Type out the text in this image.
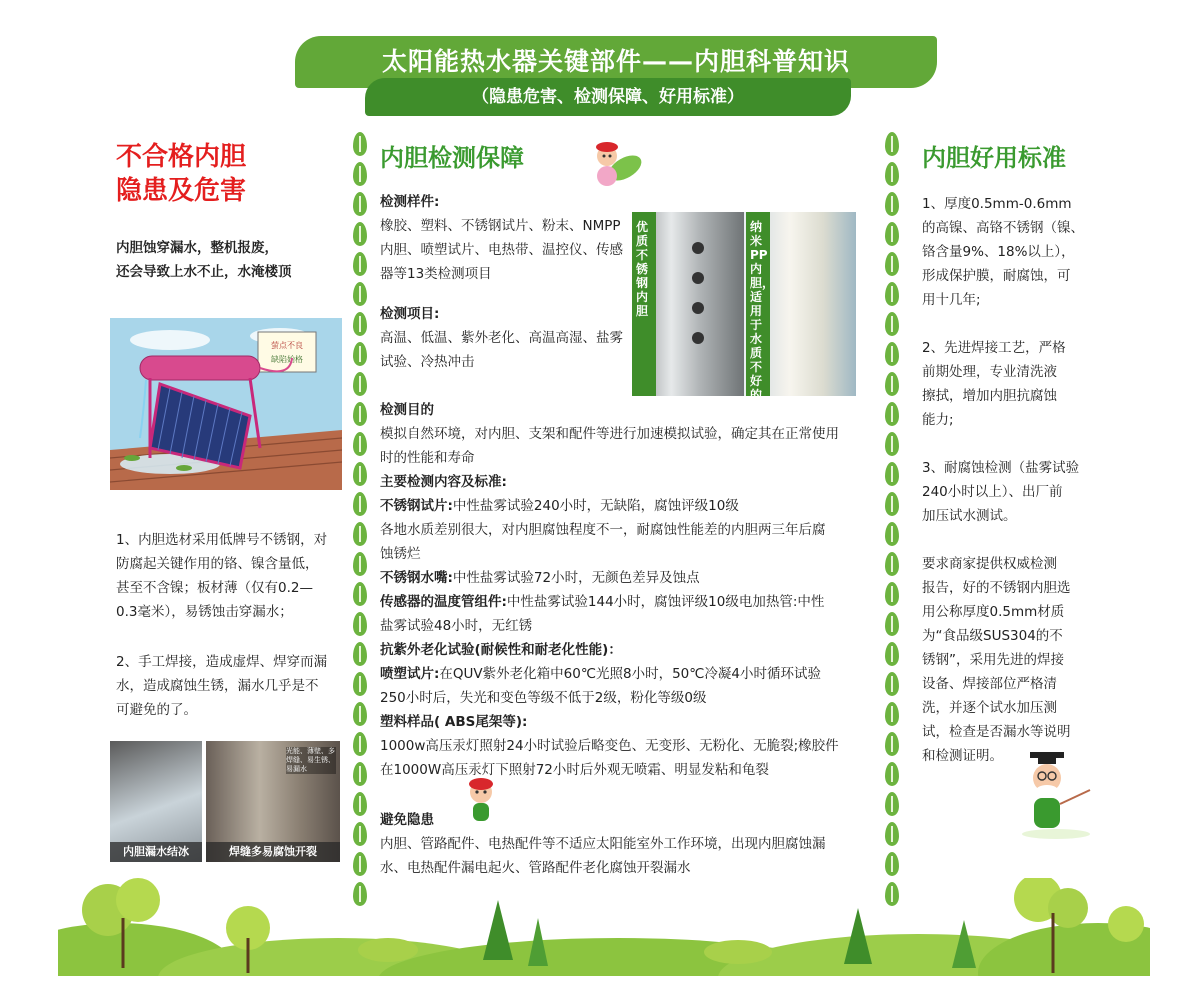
太阳能热水器关键部件——内胆科普知识
（隐患危害、检测保障、好用标准）
不合格内胆
隐患及危害
内胆蚀穿漏水，整机报废，
还会导致上水不止，水淹楼顶
萤点不良
缺陷始格
1、内胆选材采用低牌号不锈钢，对
防腐起关键作用的铬、镍含量低，
甚至不含镍；板材薄（仅有0.2—
0.3毫米），易锈蚀击穿漏水；
2、手工焊接，造成虚焊、焊穿而漏
水，造成腐蚀生锈，漏水几乎是不
可避免的了。
内胆漏水结冰
光能、薄壁、多焊缝、易生锈、易漏水
焊缝多易腐蚀开裂
内胆检测保障
检测样件:
橡胶、塑料、不锈钢试片、粉末、NMPP
内胆、喷塑试片、电热带、温控仪、传感
器等13类检测项目
检测项目:
高温、低温、紫外老化、高温高湿、盐雾
试验、冷热冲击
优质不锈钢内胆
纳米PP内胆，适用于水质不好的地区
检测目的
模拟自然环境，对内胆、支架和配件等进行加速模拟试验，确定其在正常使用
时的性能和寿命
主要检测内容及标准:
不锈钢试片:中性盐雾试验240小时，无缺陷，腐蚀评级10级
各地水质差别很大，对内胆腐蚀程度不一，耐腐蚀性能差的内胆两三年后腐
蚀锈烂
不锈钢水嘴:中性盐雾试验72小时，无颜色差异及蚀点
传感器的温度管组件:中性盐雾试验144小时，腐蚀评级10级电加热管:中性
盐雾试验48小时，无红锈
抗紫外老化试验(耐候性和耐老化性能)：
喷塑试片:在QUV紫外老化箱中60℃光照8小时，50℃冷凝4小时循环试验
250小时后，失光和变色等级不低于2级，粉化等级0级
塑料样品( ABS尾架等):
1000w高压汞灯照射24小时试验后略变色、无变形、无粉化、无脆裂;橡胶件
在1000W高压汞灯下照射72小时后外观无喷霜、明显发粘和龟裂
避免隐患
内胆、管路配件、电热配件等不适应太阳能室外工作环境，出现内胆腐蚀漏
水、电热配件漏电起火、管路配件老化腐蚀开裂漏水
内胆好用标准
1、厚度0.5mm-0.6mm
的高镍、高铬不锈钢（镍、
铬含量9%、18%以上），
形成保护膜，耐腐蚀，可
用十几年;
2、先进焊接工艺，严格
前期处理，专业清洗液
擦拭，增加内胆抗腐蚀
能力;
3、耐腐蚀检测（盐雾试验
240小时以上）、出厂前
加压试水测试。
要求商家提供权威检测
报告，好的不锈钢内胆选
用公称厚度0.5mm材质
为“食品级SUS304的不
锈钢”，采用先进的焊接
设备、焊接部位严格清
洗，并逐个试水加压测
试，检查是否漏水等说明
和检测证明。
